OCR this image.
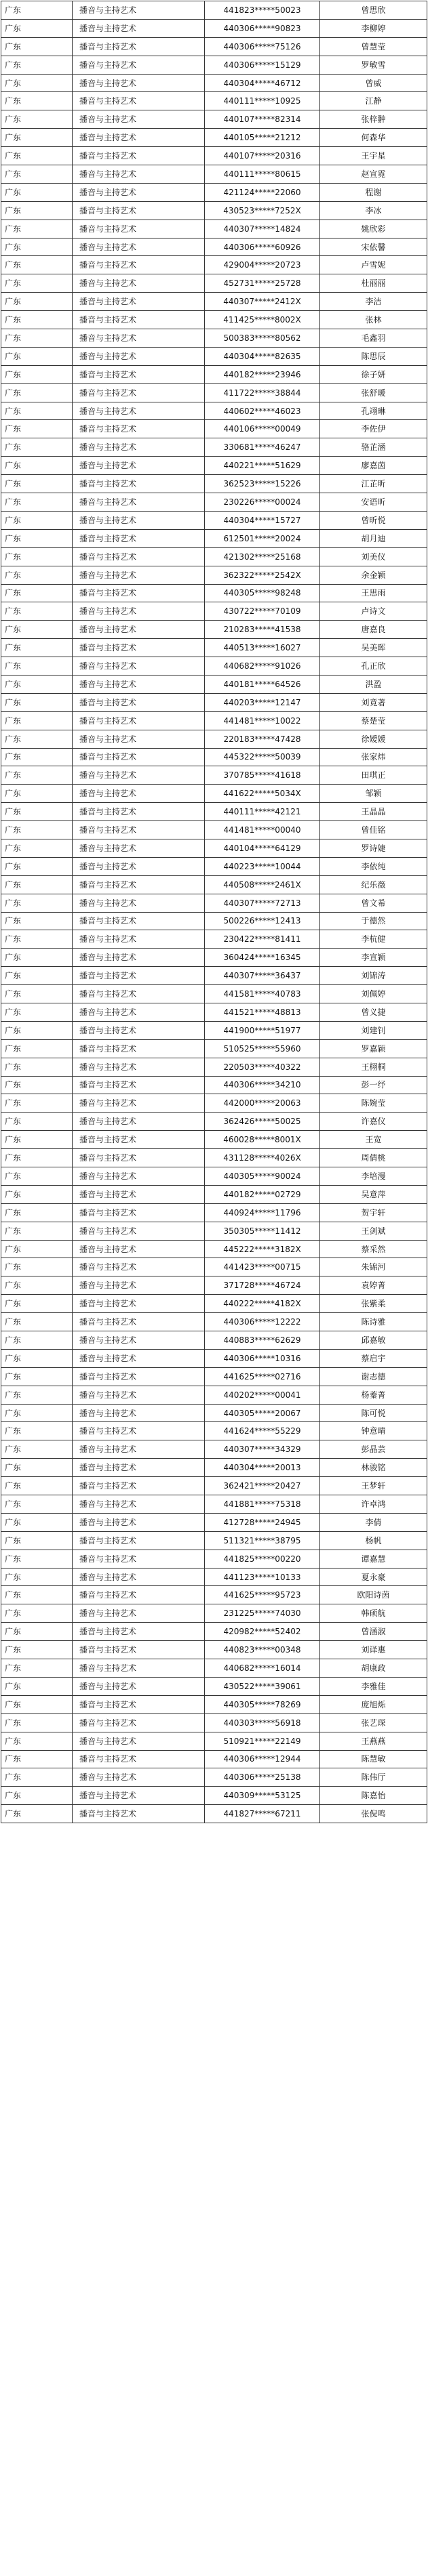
广东	播音与主持艺术	441823*****50023	曾思欣
广东	播音与主持艺术	440306*****90823	李柳婷
广东	播音与主持艺术	440306*****75126	曾慧莹
广东	播音与主持艺术	440306*****15129	罗敏雪
广东	播音与主持艺术	440304*****46712	曾威
广东	播音与主持艺术	440111*****10925	江静
广东	播音与主持艺术	440107*****82314	张梓翀
广东	播音与主持艺术	440105*****21212	何森华
广东	播音与主持艺术	440107*****20316	王宇星
广东	播音与主持艺术	440111*****80615	赵宣霓
广东	播音与主持艺术	421124*****22060	程谢
广东	播音与主持艺术	430523*****7252X	李冰
广东	播音与主持艺术	440307*****14824	姚欣彩
广东	播音与主持艺术	440306*****60926	宋依馨
广东	播音与主持艺术	429004*****20723	卢雪妮
广东	播音与主持艺术	452731*****25728	杜丽丽
广东	播音与主持艺术	440307*****2412X	李洁
广东	播音与主持艺术	411425*****8002X	张林
广东	播音与主持艺术	500383*****80562	毛鑫羽
广东	播音与主持艺术	440304*****82635	陈思辰
广东	播音与主持艺术	440182*****23946	徐子妍
广东	播音与主持艺术	411722*****38844	张舒暖
广东	播音与主持艺术	440602*****46023	孔翊琳
广东	播音与主持艺术	440106*****00049	李佐伊
广东	播音与主持艺术	330681*****46247	骆芷涵
广东	播音与主持艺术	440221*****51629	廖嘉茵
广东	播音与主持艺术	362523*****15226	江芷昕
广东	播音与主持艺术	230226*****00024	安语昕
广东	播音与主持艺术	440304*****15727	曾昕悦
广东	播音与主持艺术	612501*****20024	胡月迪
广东	播音与主持艺术	421302*****25168	刘美仪
广东	播音与主持艺术	362322*****2542X	余金颖
广东	播音与主持艺术	440305*****98248	王思雨
广东	播音与主持艺术	430722*****70109	卢诗文
广东	播音与主持艺术	210283*****41538	唐嘉良
广东	播音与主持艺术	440513*****16027	吴美晖
广东	播音与主持艺术	440682*****91026	孔正欣
广东	播音与主持艺术	440181*****64526	洪盈
广东	播音与主持艺术	440203*****12147	刘竟著
广东	播音与主持艺术	441481*****10022	蔡楚莹
广东	播音与主持艺术	220183*****47428	徐嫒媛
广东	播音与主持艺术	445322*****50039	张家炜
广东	播音与主持艺术	370785*****41618	田琪正
广东	播音与主持艺术	441622*****5034X	邹颖
广东	播音与主持艺术	440111*****42121	王晶晶
广东	播音与主持艺术	441481*****00040	曾佳铭
广东	播音与主持艺术	440104*****64129	罗诗婕
广东	播音与主持艺术	440223*****10044	李依纯
广东	播音与主持艺术	440508*****2461X	纪乐薇
广东	播音与主持艺术	440307*****72713	曾文希
广东	播音与主持艺术	500226*****12413	于德然
广东	播音与主持艺术	230422*****81411	李杭健
广东	播音与主持艺术	360424*****16345	李宣颖
广东	播音与主持艺术	440307*****36437	刘锦涛
广东	播音与主持艺术	441581*****40783	刘佩婷
广东	播音与主持艺术	441521*****48813	曾义捷
广东	播音与主持艺术	441900*****51977	刘建钊
广东	播音与主持艺术	510525*****55960	罗嘉颖
广东	播音与主持艺术	220503*****40322	王栩桐
广东	播音与主持艺术	440306*****34210	彭一纾
广东	播音与主持艺术	442000*****20063	陈婉莹
广东	播音与主持艺术	362426*****50025	许嘉仪
广东	播音与主持艺术	460028*****8001X	王宽
广东	播音与主持艺术	431128*****4026X	周倩桃
广东	播音与主持艺术	440305*****90024	李培漫
广东	播音与主持艺术	440182*****02729	吴意萍
广东	播音与主持艺术	440924*****11796	贺宇轩
广东	播音与主持艺术	350305*****11412	王剑斌
广东	播音与主持艺术	445222*****3182X	蔡采然
广东	播音与主持艺术	441423*****00715	朱锦河
广东	播音与主持艺术	371728*****46724	袁婷菁
广东	播音与主持艺术	440222*****4182X	张紫柔
广东	播音与主持艺术	440306*****12222	陈诗雅
广东	播音与主持艺术	440883*****62629	邱嘉敏
广东	播音与主持艺术	440306*****10316	蔡启宇
广东	播音与主持艺术	441625*****02716	谢志德
广东	播音与主持艺术	440202*****00041	杨蓁菁
广东	播音与主持艺术	440305*****20067	陈可悦
广东	播音与主持艺术	441624*****55229	钟意晴
广东	播音与主持艺术	440307*****34329	彭晶芸
广东	播音与主持艺术	440304*****20013	林骏铭
广东	播音与主持艺术	362421*****20427	王梦轩
广东	播音与主持艺术	441881*****75318	许卓鸿
广东	播音与主持艺术	412728*****24945	李倩
广东	播音与主持艺术	511321*****38795	杨帆
广东	播音与主持艺术	441825*****00220	谭嘉慧
广东	播音与主持艺术	441123*****10133	夏永豪
广东	播音与主持艺术	441625*****95723	欧阳诗茵
广东	播音与主持艺术	231225*****74030	韩硕航
广东	播音与主持艺术	420982*****52402	曾涵淑
广东	播音与主持艺术	440823*****00348	刘译惠
广东	播音与主持艺术	440682*****16014	胡康政
广东	播音与主持艺术	430522*****39061	李雅佳
广东	播音与主持艺术	440305*****78269	庞旭烁
广东	播音与主持艺术	440303*****56918	张艺琛
广东	播音与主持艺术	510921*****22149	王燕燕
广东	播音与主持艺术	440306*****12944	陈慧敏
广东	播音与主持艺术	440306*****25138	陈伟厅
广东	播音与主持艺术	440309*****53125	陈嘉怡
广东	播音与主持艺术	441827*****67211	张倪鸣
